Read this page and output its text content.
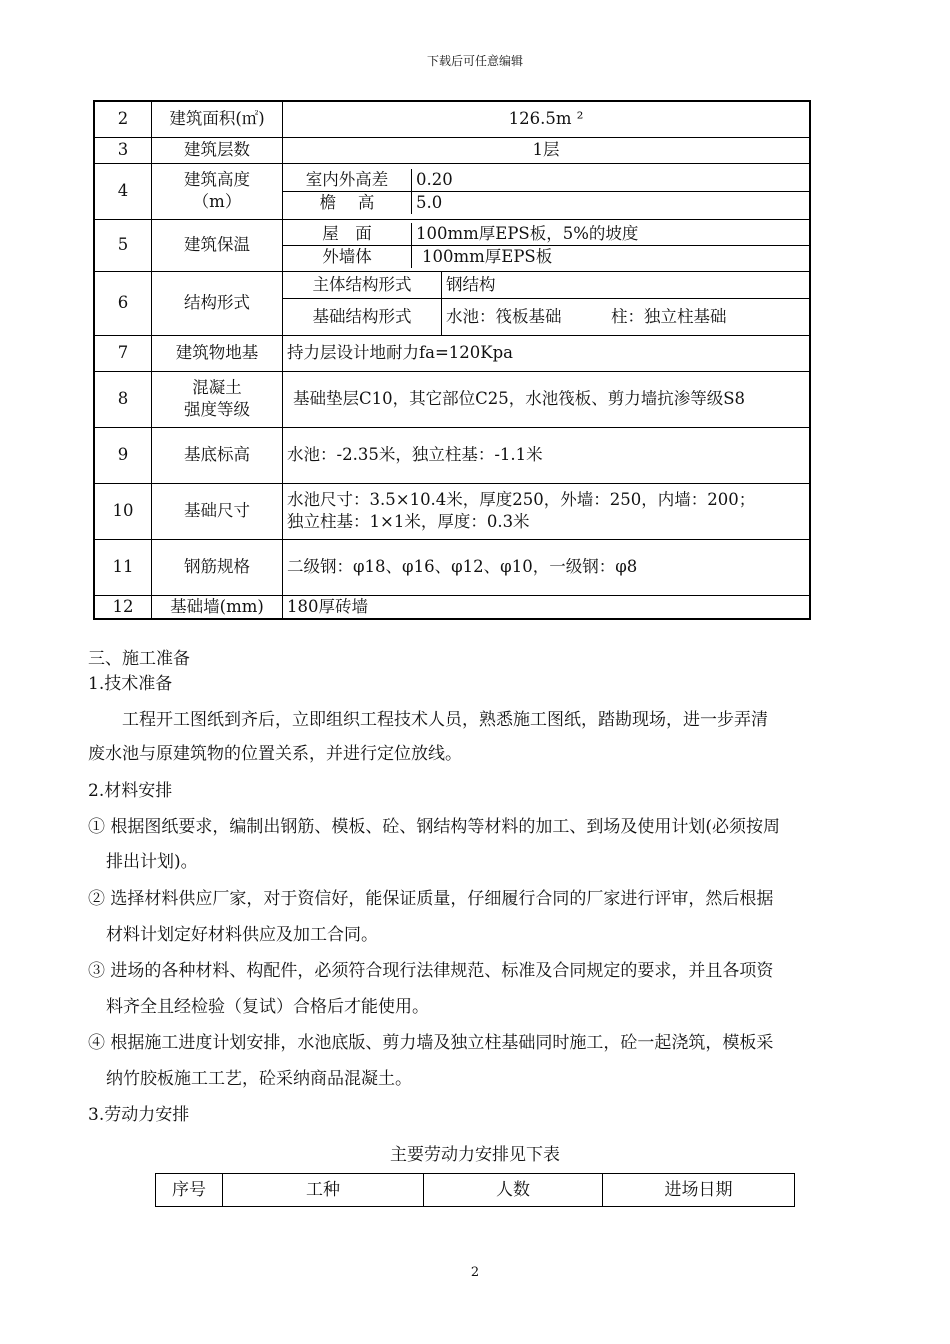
下载后可任意编辑
2	建筑面积(㎡)	126.5m ²
3	建筑层数	1层
4	建筑高度
（m）	
室内外高差	0.20
檐　 高	5.0

5	建筑保温	
屋　面	100mm厚EPS板，5%的坡度
外墙体	100mm厚EPS板

6	结构形式	
主体结构形式	钢结构
基础结构形式	水池：筏板基础　　　柱：独立柱基础

7	建筑物地基	持力层设计地耐力fa=120Kpa
8	混凝土
强度等级	基础垫层C10，其它部位C25，水池筏板、剪力墙抗渗等级S8
9	基底标高	水池：-2.35米，独立柱基：-1.1米
10	基础尺寸	水池尺寸：3.5×10.4米，厚度250，外墙：250，内墙：200；
独立柱基：1×1米，厚度：0.3米
11	钢筋规格	二级钢：φ18、φ16、φ12、φ10，一级钢：φ8
12	基础墙(mm)	180厚砖墙
三、施工准备
1.技术准备
工程开工图纸到齐后，立即组织工程技术人员，熟悉施工图纸，踏勘现场，进一步弄清
废水池与原建筑物的位置关系，并进行定位放线。
2.材料安排
① 根据图纸要求，编制出钢筋、模板、砼、钢结构等材料的加工、到场及使用计划(必须按周
排出计划)。
② 选择材料供应厂家，对于资信好，能保证质量，仔细履行合同的厂家进行评审，然后根据
材料计划定好材料供应及加工合同。
③ 进场的各种材料、构配件，必须符合现行法律规范、标准及合同规定的要求，并且各项资
料齐全且经检验（复试）合格后才能使用。
④ 根据施工进度计划安排，水池底版、剪力墙及独立柱基础同时施工，砼一起浇筑，模板采
纳竹胶板施工工艺，砼采纳商品混凝土。
3.劳动力安排
主要劳动力安排见下表
序号	工种	人数	进场日期
2
